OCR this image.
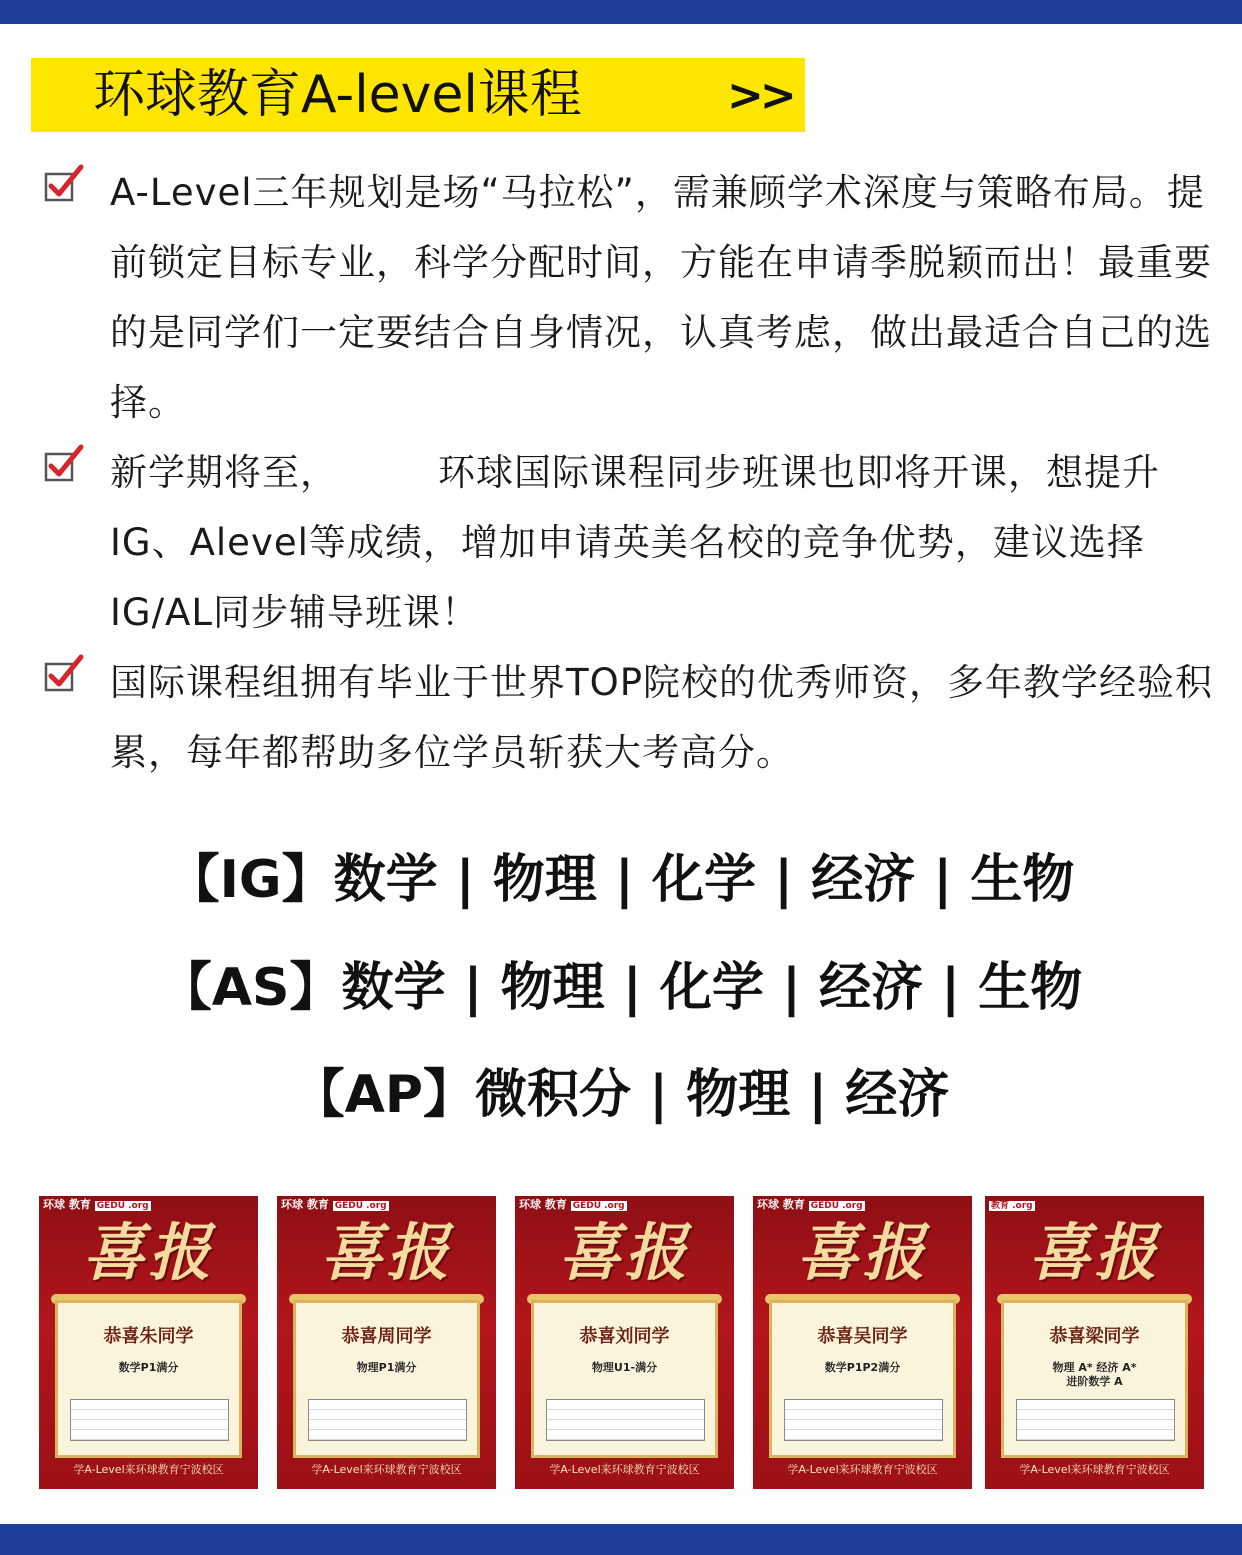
环球教育A-level课程	>>
A-Level三年规划是场“马拉松”，需兼顾学术深度与策略布局。提前锁定目标专业，科学分配时间，方能在申请季脱颖而出！最重要的是同学们一定要结合自身情况，认真考虑，做出最适合自己的选择。
新学期将至，	环球国际课程同步班课也即将开课，想提升IG、Alevel等成绩，增加申请英美名校的竞争优势，建议选择IG/AL同步辅导班课！
国际课程组拥有毕业于世界TOP院校的优秀师资，多年教学经验积累，每年都帮助多位学员斩获大考高分。
【IG】数学 | 物理 | 化学 | 经济 | 生物
【AS】数学 | 物理 | 化学 | 经济 | 生物
【AP】微积分 | 物理 | 经济
环球 教育 GEDU .org
喜报
恭喜朱同学
数学P1满分
学A-Level来环球教育宁波校区
环球 教育 GEDU .org
喜报
恭喜周同学
物理P1满分
学A-Level来环球教育宁波校区
环球 教育 GEDU .org
喜报
恭喜刘同学
物理U1-满分
学A-Level来环球教育宁波校区
环球 教育 GEDU .org
喜报
恭喜吴同学
数学P1P2满分
学A-Level来环球教育宁波校区
教育 .org
喜报
恭喜梁同学
物理 A* 经济 A*
进阶数学 A
学A-Level来环球教育宁波校区
